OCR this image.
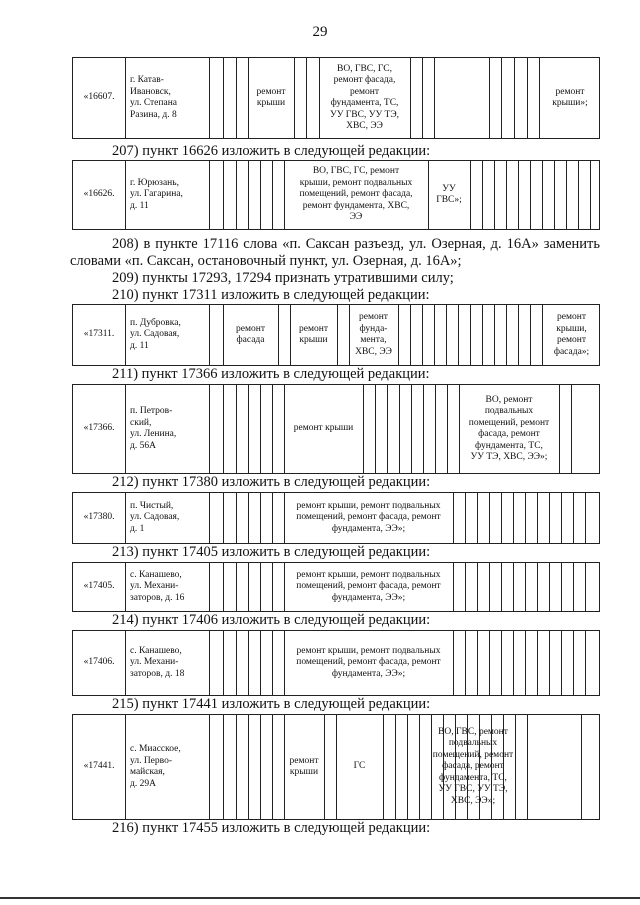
29
«16607.
г. Катав-
Ивановск,
ул. Степана
Разина, д. 8
ремонт
крыши
ВО, ГВС, ГС,
ремонт фасада,
ремонт
фундамента, ТС,
УУ ГВС, УУ ТЭ,
ХВС, ЭЭ
ремонт
крыши»;
207) пункт 16626 изложить в следующей редакции:
«16626.
г. Юрюзань,
ул. Гагарина,
д. 11
ВО, ГВС, ГС, ремонт
крыши, ремонт подвальных
помещений, ремонт фасада,
ремонт фундамента, ХВС,
ЭЭ
УУ
ГВС»;
208) в пункте 17116 слова «п. Саксан разъезд, ул. Озерная, д. 16А» заменить словами «п. Саксан, остановочный пункт, ул. Озерная, д. 16А»;
209) пункты 17293, 17294 признать утратившими силу;
210) пункт 17311 изложить в следующей редакции:
«17311.
п. Дубровка,
ул. Садовая,
д. 11
ремонт
фасада
ремонт
крыши
ремонт
фунда-
мента,
ХВС, ЭЭ
ремонт
крыши,
ремонт
фасада»;
211) пункт 17366 изложить в следующей редакции:
«17366.
п. Петров-
ский,
ул. Ленина,
д. 56А
ремонт крыши
ВО, ремонт
подвальных
помещений, ремонт
фасада, ремонт
фундамента, ТС,
УУ ТЭ, ХВС, ЭЭ»;
212) пункт 17380 изложить в следующей редакции:
«17380.
п. Чистый,
ул. Садовая,
д. 1
ремонт крыши, ремонт подвальных
помещений, ремонт фасада, ремонт
фундамента, ЭЭ»;
213) пункт 17405 изложить в следующей редакции:
«17405.
с. Канашево,
ул. Механи-
заторов, д. 16
ремонт крыши, ремонт подвальных
помещений, ремонт фасада, ремонт
фундамента, ЭЭ»;
214) пункт 17406 изложить в следующей редакции:
«17406.
с. Канашево,
ул. Механи-
заторов, д. 18
ремонт крыши, ремонт подвальных
помещений, ремонт фасада, ремонт
фундамента, ЭЭ»;
215) пункт 17441 изложить в следующей редакции:
«17441.
с. Миасское,
ул. Перво-
майская,
д. 29А
ремонт
крыши
ГС
ВО, ГВС, ремонт
подвальных
помещений, ремонт
фасада, ремонт
фундамента, ТС,
УУ ГВС, УУ ТЭ,
ХВС, ЭЭ»;
216) пункт 17455 изложить в следующей редакции:
